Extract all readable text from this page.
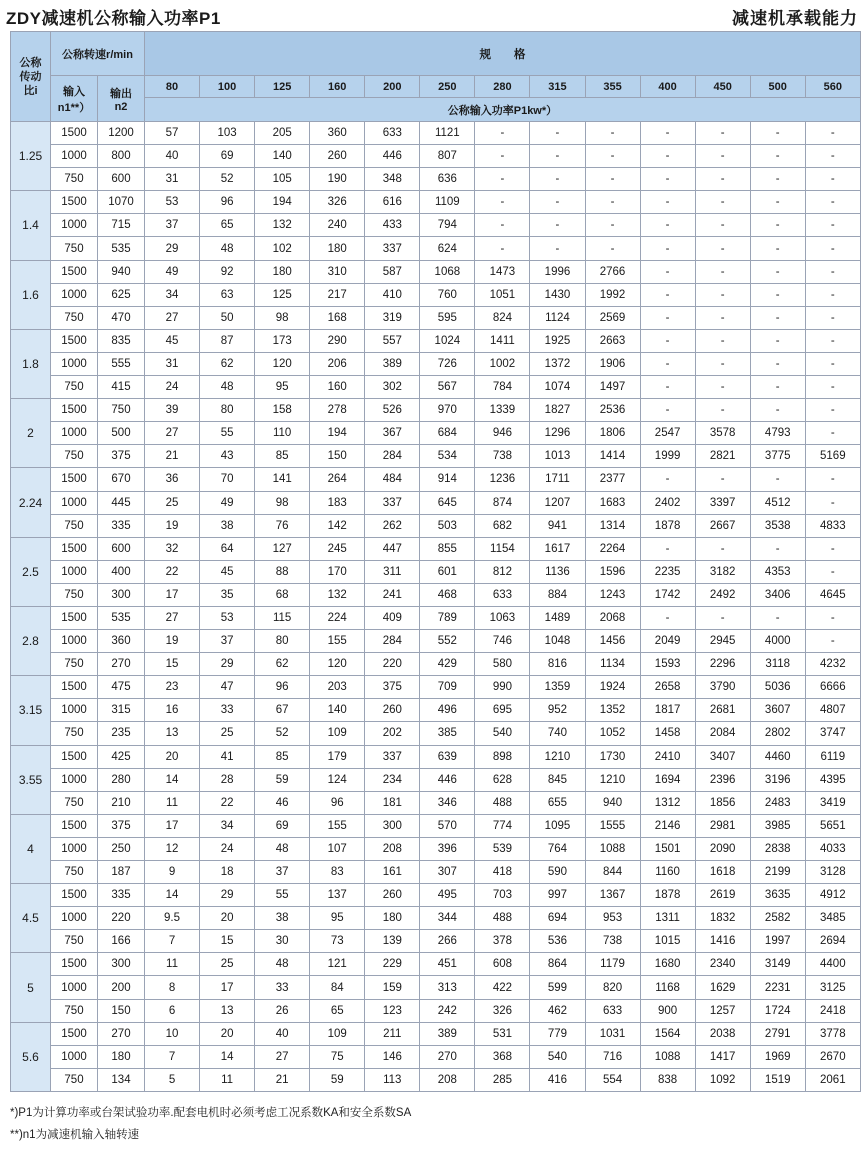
ZDY减速机公称输入功率P1	减速机承载能力
公称
传动
比i	公称转速r/min		规　　格												
	输入
n1**）	输出
n2	80	100	125	160	200	250	280	315	355	400	450	500	560
			公称输入功率P1kw*）												
1.25	1500	1200	57	103	205	360	633	1121	-	-	-	-	-	-	-
	1000	800	40	69	140	260	446	807	-	-	-	-	-	-	-
	750	600	31	52	105	190	348	636	-	-	-	-	-	-	-
1.4	1500	1070	53	96	194	326	616	1109	-	-	-	-	-	-	-
	1000	715	37	65	132	240	433	794	-	-	-	-	-	-	-
	750	535	29	48	102	180	337	624	-	-	-	-	-	-	-
1.6	1500	940	49	92	180	310	587	1068	1473	1996	2766	-	-	-	-
	1000	625	34	63	125	217	410	760	1051	1430	1992	-	-	-	-
	750	470	27	50	98	168	319	595	824	1124	2569	-	-	-	-
1.8	1500	835	45	87	173	290	557	1024	1411	1925	2663	-	-	-	-
	1000	555	31	62	120	206	389	726	1002	1372	1906	-	-	-	-
	750	415	24	48	95	160	302	567	784	1074	1497	-	-	-	-
2	1500	750	39	80	158	278	526	970	1339	1827	2536	-	-	-	-
	1000	500	27	55	110	194	367	684	946	1296	1806	2547	3578	4793	-
	750	375	21	43	85	150	284	534	738	1013	1414	1999	2821	3775	5169
2.24	1500	670	36	70	141	264	484	914	1236	1711	2377	-	-	-	-
	1000	445	25	49	98	183	337	645	874	1207	1683	2402	3397	4512	-
	750	335	19	38	76	142	262	503	682	941	1314	1878	2667	3538	4833
2.5	1500	600	32	64	127	245	447	855	1154	1617	2264	-	-	-	-
	1000	400	22	45	88	170	311	601	812	1136	1596	2235	3182	4353	-
	750	300	17	35	68	132	241	468	633	884	1243	1742	2492	3406	4645
2.8	1500	535	27	53	115	224	409	789	1063	1489	2068	-	-	-	-
	1000	360	19	37	80	155	284	552	746	1048	1456	2049	2945	4000	-
	750	270	15	29	62	120	220	429	580	816	1134	1593	2296	3118	4232
3.15	1500	475	23	47	96	203	375	709	990	1359	1924	2658	3790	5036	6666
	1000	315	16	33	67	140	260	496	695	952	1352	1817	2681	3607	4807
	750	235	13	25	52	109	202	385	540	740	1052	1458	2084	2802	3747
3.55	1500	425	20	41	85	179	337	639	898	1210	1730	2410	3407	4460	6119
	1000	280	14	28	59	124	234	446	628	845	1210	1694	2396	3196	4395
	750	210	11	22	46	96	181	346	488	655	940	1312	1856	2483	3419
4	1500	375	17	34	69	155	300	570	774	1095	1555	2146	2981	3985	5651
	1000	250	12	24	48	107	208	396	539	764	1088	1501	2090	2838	4033
	750	187	9	18	37	83	161	307	418	590	844	1160	1618	2199	3128
4.5	1500	335	14	29	55	137	260	495	703	997	1367	1878	2619	3635	4912
	1000	220	9.5	20	38	95	180	344	488	694	953	1311	1832	2582	3485
	750	166	7	15	30	73	139	266	378	536	738	1015	1416	1997	2694
5	1500	300	11	25	48	121	229	451	608	864	1179	1680	2340	3149	4400
	1000	200	8	17	33	84	159	313	422	599	820	1168	1629	2231	3125
	750	150	6	13	26	65	123	242	326	462	633	900	1257	1724	2418
5.6	1500	270	10	20	40	109	211	389	531	779	1031	1564	2038	2791	3778
	1000	180	7	14	27	75	146	270	368	540	716	1088	1417	1969	2670
	750	134	5	11	21	59	113	208	285	416	554	838	1092	1519	2061
*)P1为计算功率或台架试验功率.配套电机时必须考虑工况系数KA和安全系数SA
**)n1为减速机输入轴转速
